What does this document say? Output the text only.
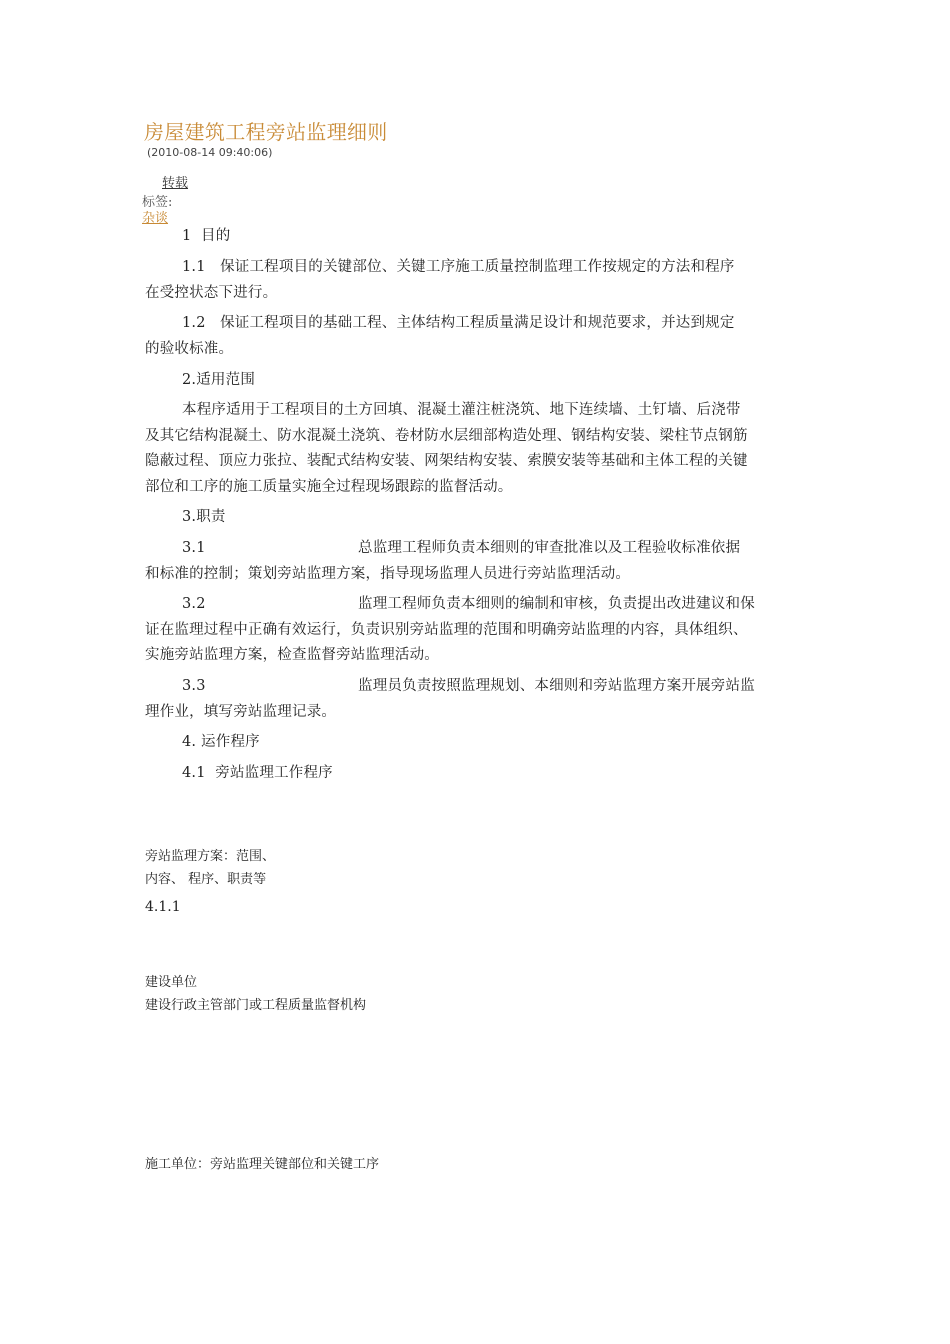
房屋建筑工程旁站监理细则
(2010-08-14 09:40:06)
转载
标签:
杂谈
1  目的
1.1   保证工程项目的关键部位、关键工序施工质量控制监理工作按规定的方法和程序
在受控状态下进行。
1.2   保证工程项目的基础工程、主体结构工程质量满足设计和规范要求，并达到规定
的验收标准。
2.适用范围
本程序适用于工程项目的土方回填、混凝土灌注桩浇筑、地下连续墙、土钉墙、后浇带
及其它结构混凝土、防水混凝土浇筑、卷材防水层细部构造处理、钢结构安装、梁柱节点钢筋
隐蔽过程、顶应力张拉、装配式结构安装、网架结构安装、索膜安装等基础和主体工程的关键
部位和工序的施工质量实施全过程现场跟踪的监督活动。
3.职责
3.1	总监理工程师负责本细则的审查批准以及工程验收标准依据
和标准的控制；策划旁站监理方案，指导现场监理人员进行旁站监理活动。
3.2	监理工程师负责本细则的编制和审核，负责提出改进建议和保
证在监理过程中正确有效运行，负责识别旁站监理的范围和明确旁站监理的内容，具体组织、
实施旁站监理方案，检查监督旁站监理活动。
3.3	监理员负责按照监理规划、本细则和旁站监理方案开展旁站监
理作业，填写旁站监理记录。
4. 运作程序
4.1  旁站监理工作程序
旁站监理方案：范围、
内容、 程序、职责等
4.1.1
建设单位
建设行政主管部门或工程质量监督机构
施工单位：旁站监理关键部位和关键工序
